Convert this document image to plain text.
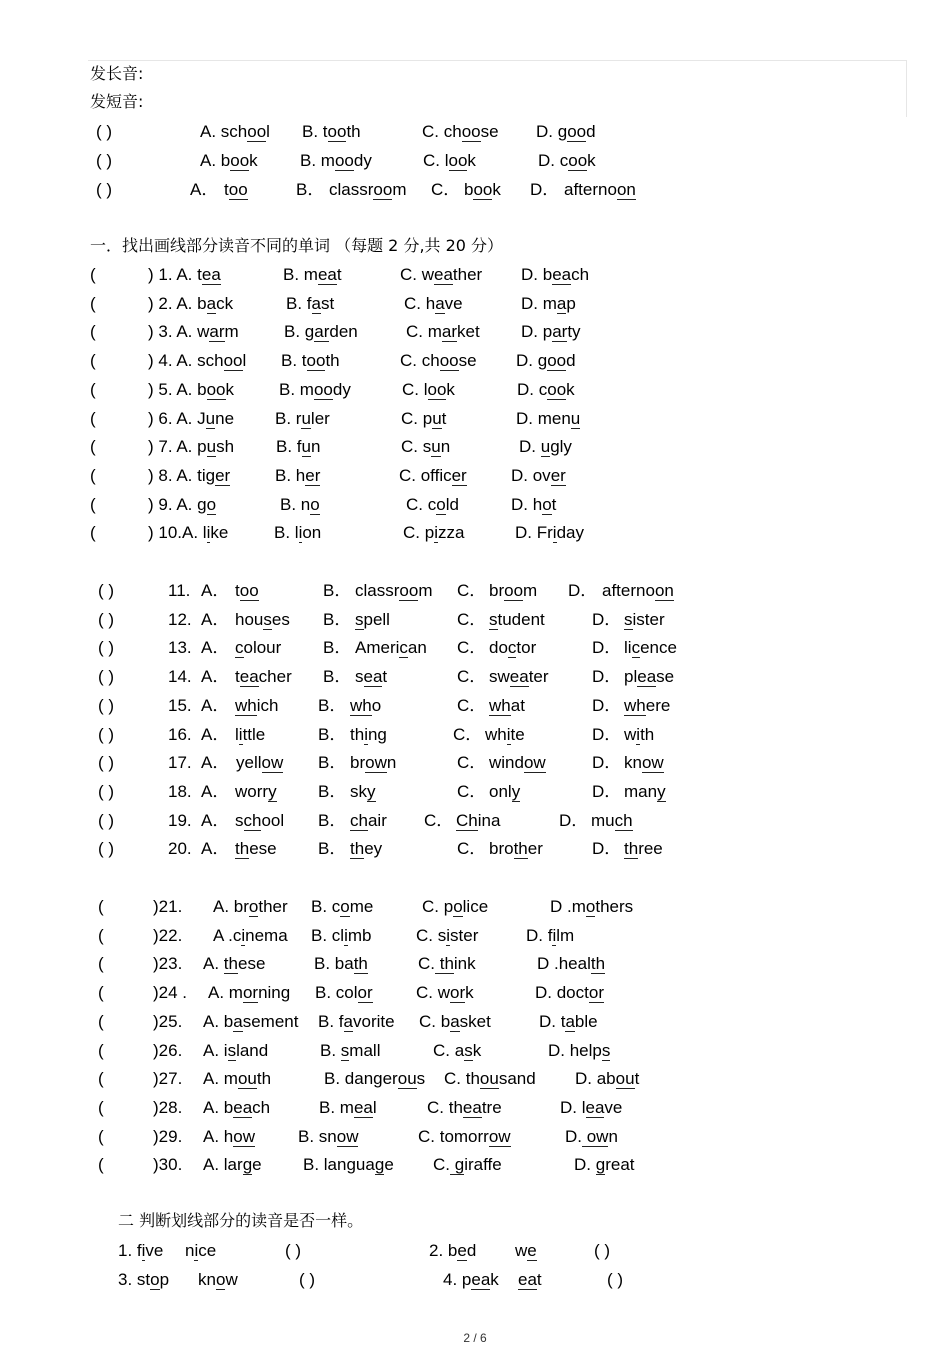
发长音:
发短音:
( )	A. school B. tooth	C. choose D. good
( )	A. book B. moody	C. look	D. cook
( )	A． too	B． classroom C． book D． afternoon
一．找出画线部分读音不同的单词 （每题 2 分,共 20 分）
(	) 1. A. tea	B. meat	C. weather D. beach
(	) 2. A. back	B. fast	C. have	D. map
(	) 3. A. warm	B. garden	C. market D. party
(	) 4. A. school B. tooth	C. choose D. good
(	) 5. A. book	B. moody	C. look	D. cook
(	) 6. A. June B. ruler	C. put	D. menu
(	) 7. A. push B. fun	C. sun	D. ugly
(	) 8. A. tiger	B. her	C. officer	D. over
(	) 9. A. go	B. no	C. cold	D. hot
(	) 10.A. like	B. lion	C. pizza	D. Friday
( )	11. A． too	B． classroom C． broom D． afternoon
( )	12. A． houses B． spell	C． student	D． sister
( )	13. A． colour B． American C． doctor	D． licence
( )	14. A． teacher B． seat	C． sweater	D． please
( )	15. A． which B． who	C． what	D． where
( )	16. A． little	B． thing	C． white	D． with
( )	17. A． yellow B． brown	C． window	D． know
( )	18. A． worry B． sky	C． only	D． many
( )	19. A． school B． chair C． China	D． much
( )	20. A． these B． they	C． brother	D． three
(	)21. A. brother B. come	C. police	D .mothers
(	)22. A .cinema B. climb	C. sister	D. film
(	)23. A. these	B. bath	C. think	D .health
(	)24 . A. morning B. color	C. work	D. doctor
(	)25. A. basement B. favorite C. basket	D. table
(	)26. A. island	B. small	C. ask	D. helps
(	)27. A. mouth	B. dangerous C. thousand D. about
(	)28. A. beach	B. meal	C. theatre	D. leave
(	)29. A. how	B. snow	C. tomorrow	D. own
(	)30. A. large B. language C. giraffe	D. great
二 判断划线部分的读音是否一样。
1. five nice	( )	2. bed we	( )
3. stop know	( )	4. peak eat	( )
2 / 6
